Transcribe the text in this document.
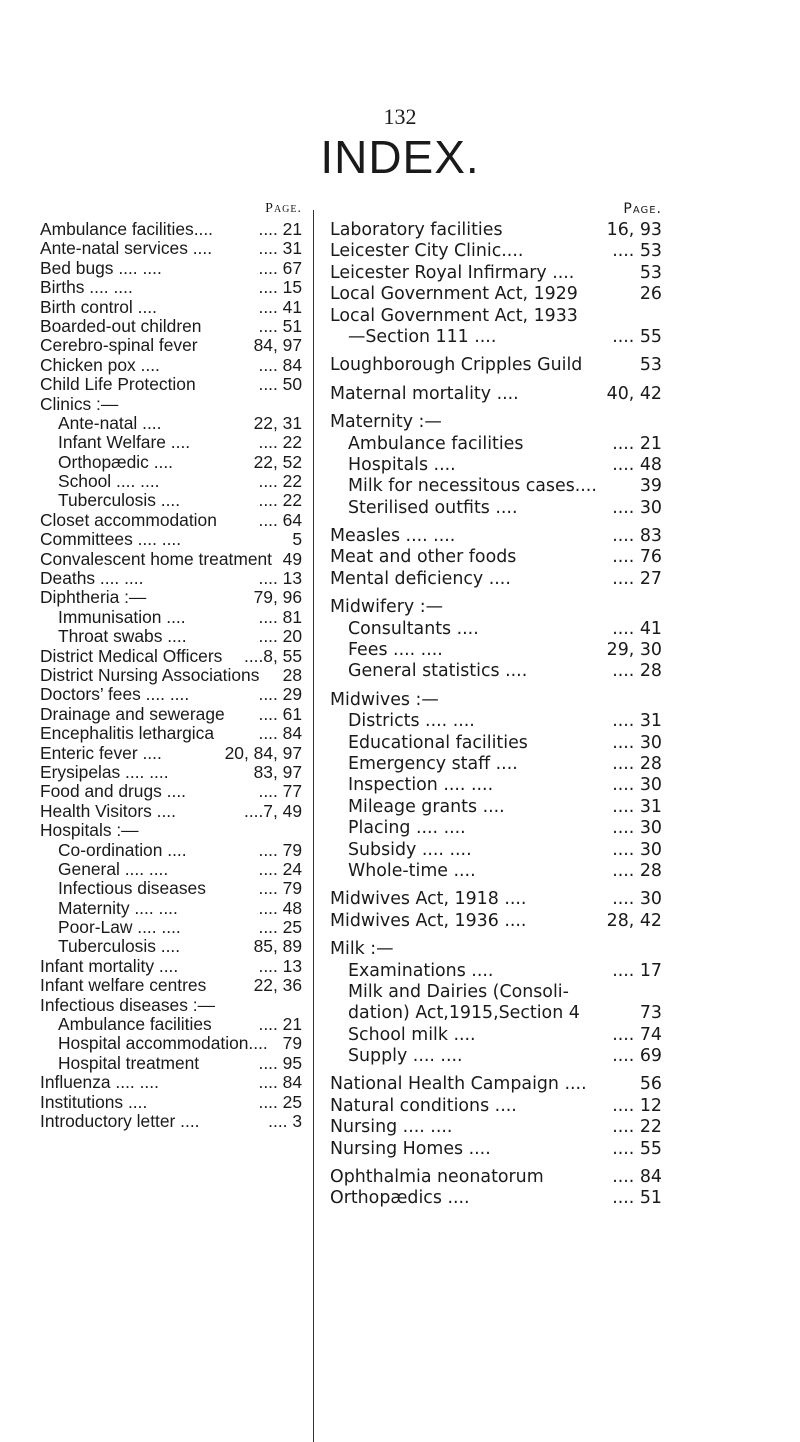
132
INDEX.
Page.
Ambulance facilities....	.... 21
Ante-natal services ....	.... 31
Bed bugs .... ....	.... 67
Births .... ....	.... 15
Birth control ....	.... 41
Boarded-out children	.... 51
Cerebro-spinal fever	84, 97
Chicken pox ....	.... 84
Child Life Protection	.... 50
Clinics :—
Ante-natal ....	22, 31
Infant Welfare ....	.... 22
Orthopædic ....	22, 52
School .... ....	.... 22
Tuberculosis ....	.... 22
Closet accommodation .... 64
Committees .... ....	5
Convalescent home treatment 49
Deaths .... ....	.... 13
Diphtheria :—	79, 96
Immunisation ....	.... 81
Throat swabs ....	.... 20
District Medical Officers ....8, 55
District Nursing Associations 28
Doctors’ fees .... ....	.... 29
Drainage and sewerage .... 61
Encephalitis lethargica	.... 84
Enteric fever ....	20, 84, 97
Erysipelas .... ....	83, 97
Food and drugs ....	.... 77
Health Visitors ....	....7, 49
Hospitals :—
Co-ordination ....	.... 79
General .... ....	.... 24
Infectious diseases	.... 79
Maternity .... ....	.... 48
Poor-Law .... ....	.... 25
Tuberculosis ....	85, 89
Infant mortality ....	.... 13
Infant welfare centres	22, 36
Infectious diseases :—
Ambulance facilities	.... 21
Hospital accommodation.... 79
Hospital treatment	.... 95
Influenza .... ....	.... 84
Institutions ....	.... 25
Introductory letter ....	.... 3
Page.
Laboratory facilities	16, 93
Leicester City Clinic....	.... 53
Leicester Royal Infirmary ....	53
Local Government Act, 1929	26
Local Government Act, 1933
—Section 111 ....	.... 55
Loughborough Cripples Guild	53
Maternal mortality ....	40, 42
Maternity :—
Ambulance facilities	.... 21
Hospitals ....	.... 48
Milk for necessitous cases.... 39
Sterilised outfits ....	.... 30
Measles .... ....	.... 83
Meat and other foods	.... 76
Mental deficiency ....	.... 27
Midwifery :—
Consultants ....	.... 41
Fees .... ....	29, 30
General statistics ....	.... 28
Midwives :—
Districts .... ....	.... 31
Educational facilities	.... 30
Emergency staff ....	.... 28
Inspection .... ....	.... 30
Mileage grants ....	.... 31
Placing .... ....	.... 30
Subsidy .... ....	.... 30
Whole-time ....	.... 28
Midwives Act, 1918 ....	.... 30
Midwives Act, 1936 ....	28, 42
Milk :—
Examinations ....	.... 17
Milk and Dairies (Consoli-
dation) Act,1915,Section 4	73
School milk ....	.... 74
Supply .... ....	.... 69
National Health Campaign ....	56
Natural conditions ....	.... 12
Nursing .... ....	.... 22
Nursing Homes ....	.... 55
Ophthalmia neonatorum	.... 84
Orthopædics ....	.... 51
